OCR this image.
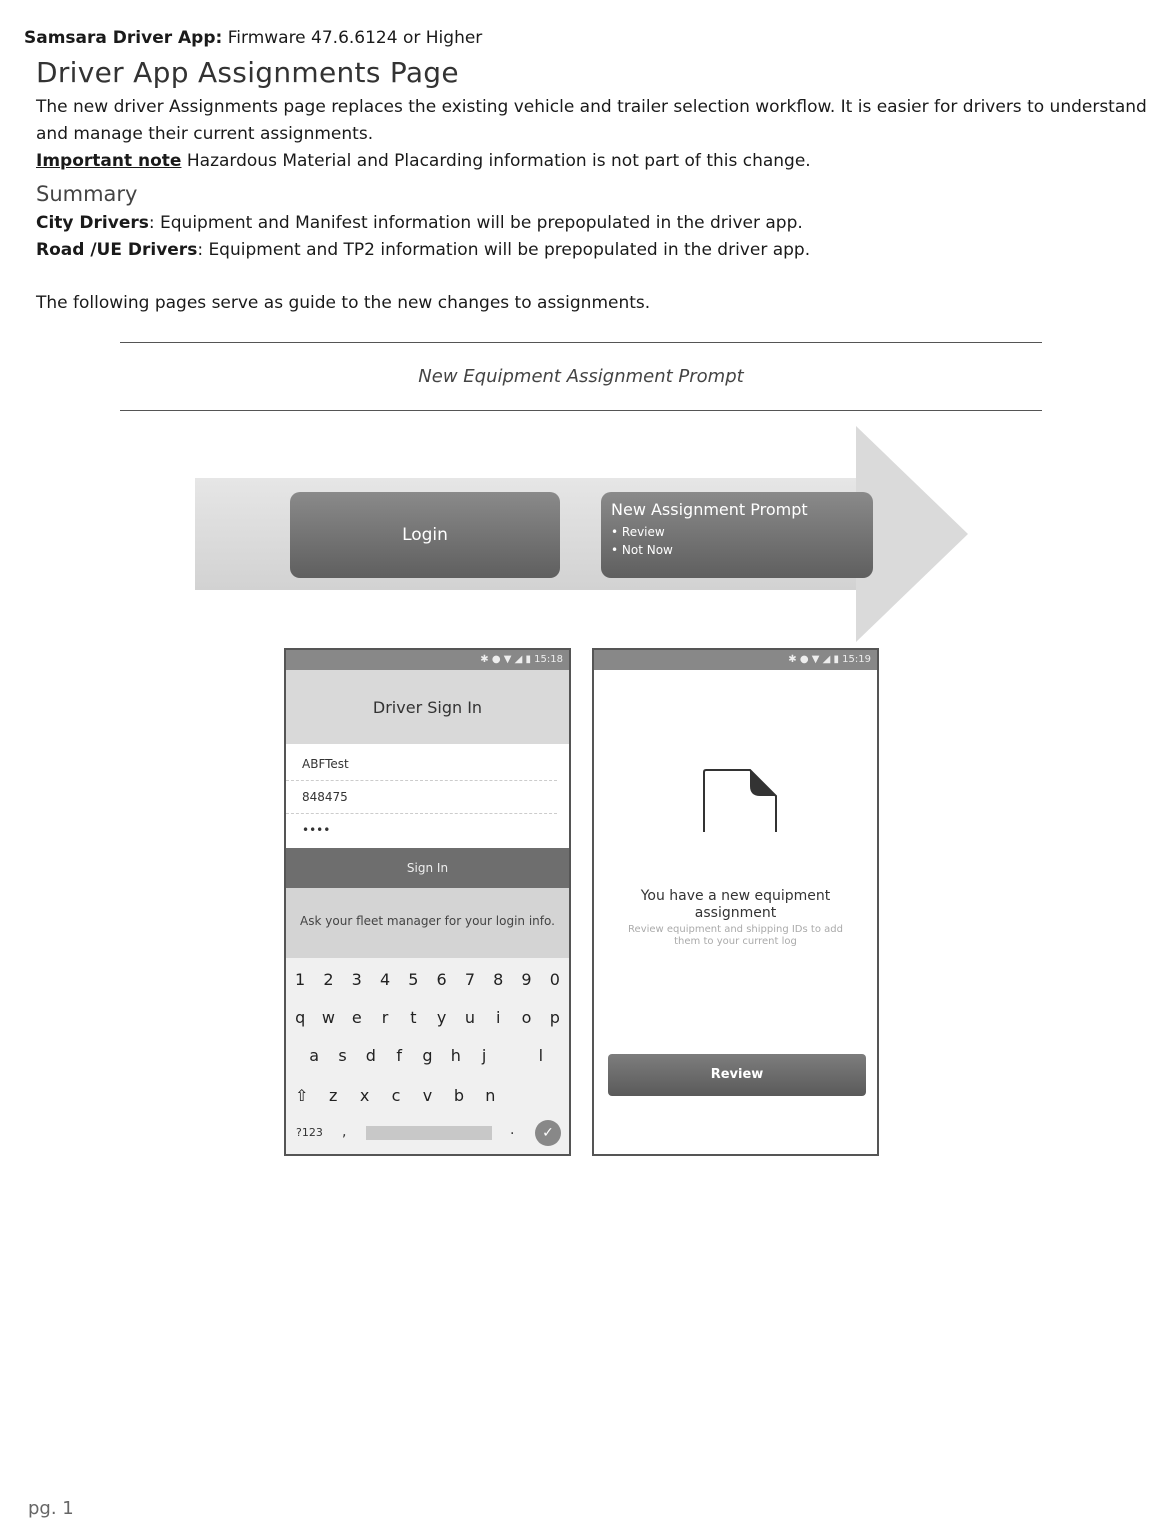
Samsara Driver App: Firmware 47.6.6124 or Higher
Driver App Assignments Page
The new driver Assignments page replaces the existing vehicle and trailer selection workflow. It is easier for drivers to understand
and manage their current assignments.
Important note Hazardous Material and Placarding information is not part of this change.
Summary
City Drivers: Equipment and Manifest information will be prepopulated in the driver app.
Road /UE Drivers: Equipment and TP2 information will be prepopulated in the driver app.
The following pages serve as guide to the new changes to assignments.
New Equipment Assignment Prompt
Login
New Assignment Prompt
• Review
• Not Now
✱ ● ▼ ◢ ▮ 15:18
Driver Sign In
ABFTest
848475
••••
Sign In
Ask your fleet manager for your login info.
1	2	3	4	5	6	7	8	9	0
q	w	e	r	t	y	u	i	o	p
a	s	d	f	g	h	j	l
⇧	z	x	c	v	b	n
?123 ,	.	✓
✱ ● ▼ ◢ ▮ 15:19
You have a new equipment
assignment
Review equipment and shipping IDs to add
them to your current log
Review
pg. 1
